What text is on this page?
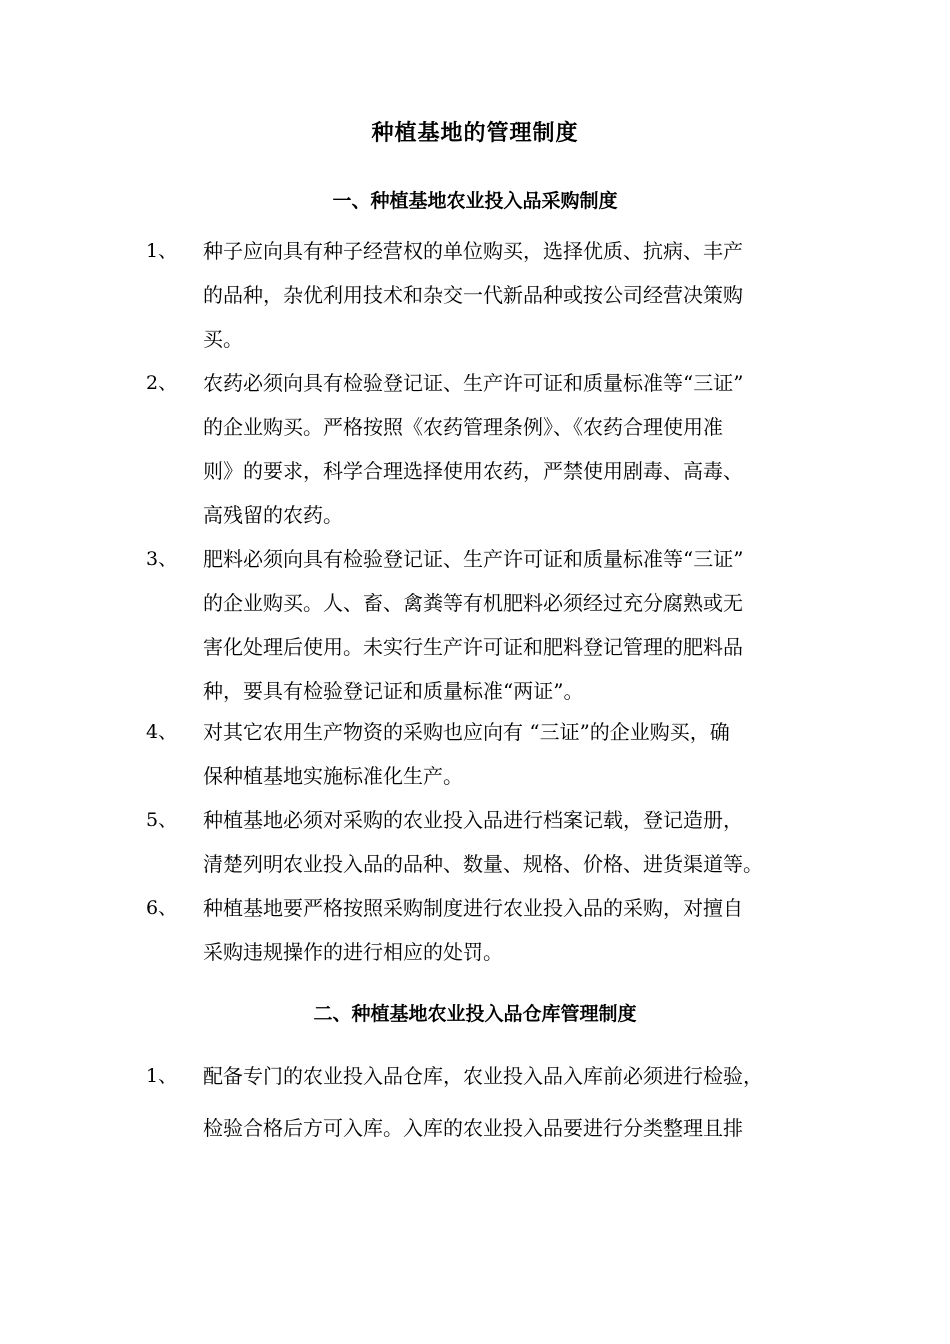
种植基地的管理制度
一、种植基地农业投入品采购制度
1、 种子应向具有种子经营权的单位购买，选择优质、抗病、丰产
的品种，杂优利用技术和杂交一代新品种或按公司经营决策购
买。
2、 农药必须向具有检验登记证、生产许可证和质量标准等“三证”
的企业购买。严格按照《农药管理条例》、《农药合理使用准
则》的要求，科学合理选择使用农药，严禁使用剧毒、高毒、
高残留的农药。
3、 肥料必须向具有检验登记证、生产许可证和质量标准等“三证”
的企业购买。人、畜、禽粪等有机肥料必须经过充分腐熟或无
害化处理后使用。未实行生产许可证和肥料登记管理的肥料品
种，要具有检验登记证和质量标准“两证”。
4、 对其它农用生产物资的采购也应向有 “三证”的企业购买，确
保种植基地实施标准化生产。
5、 种植基地必须对采购的农业投入品进行档案记载，登记造册，
清楚列明农业投入品的品种、数量、规格、价格、进货渠道等。
6、 种植基地要严格按照采购制度进行农业投入品的采购，对擅自
采购违规操作的进行相应的处罚。
二、种植基地农业投入品仓库管理制度
1、 配备专门的农业投入品仓库，农业投入品入库前必须进行检验，
检验合格后方可入库。入库的农业投入品要进行分类整理且排
